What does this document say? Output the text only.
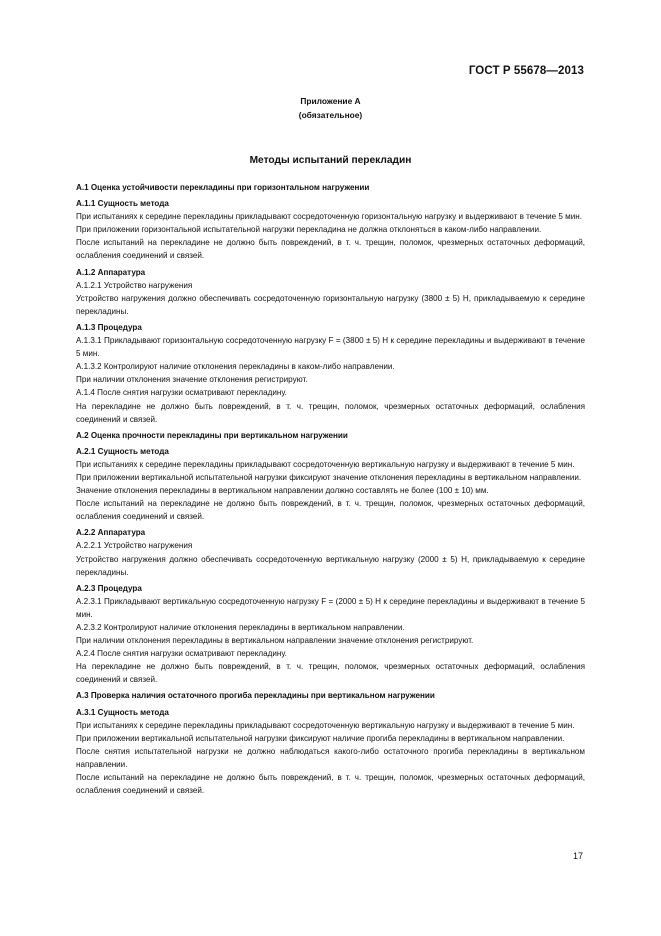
ГОСТ Р 55678—2013
Приложение А
(обязательное)
Методы испытаний перекладин

А.1 Оценка устойчивости перекладины при горизонтальном нагружении

А.1.1 Сущность метода

При испытаниях к середине перекладины прикладывают сосредоточенную горизонтальную нагрузку и выдерживают в течение 5 мин.

При приложении горизонтальной испытательной нагрузки перекладина не должна отклоняться в каком-либо направлении.

После испытаний на перекладине не должно быть повреждений, в т. ч. трещин, поломок, чрезмерных остаточных деформаций, ослабления соединений и связей.

А.1.2 Аппаратура

А.1.2.1 Устройство нагружения

Устройство нагружения должно обеспечивать сосредоточенную горизонтальную нагрузку (3800 ± 5) Н, прикладываемую к середине перекладины.

А.1.3 Процедура

А.1.3.1 Прикладывают горизонтальную сосредоточенную нагрузку F = (3800 ± 5) Н к середине перекладины и выдерживают в течение 5 мин.

А.1.3.2 Контролируют наличие отклонения перекладины в каком-либо направлении.

При наличии отклонения значение отклонения регистрируют.

А.1.4 После снятия нагрузки осматривают перекладину.

На перекладине не должно быть повреждений, в т. ч. трещин, поломок, чрезмерных остаточных деформаций, ослабления соединений и связей.

А.2 Оценка прочности перекладины при вертикальном нагружении

А.2.1 Сущность метода

При испытаниях к середине перекладины прикладывают сосредоточенную вертикальную нагрузку и выдерживают в течение 5 мин.

При приложении вертикальной испытательной нагрузки фиксируют значение отклонения перекладины в вертикальном направлении.

Значение отклонения перекладины в вертикальном направлении должно составлять не более (100 ± 10) мм.

После испытаний на перекладине не должно быть повреждений, в т. ч. трещин, поломок, чрезмерных остаточных деформаций, ослабления соединений и связей.

А.2.2 Аппаратура

А.2.2.1 Устройство нагружения

Устройство нагружения должно обеспечивать сосредоточенную вертикальную нагрузку (2000 ± 5) Н, прикладываемую к середине перекладины.

А.2.3 Процедура

А.2.3.1 Прикладывают вертикальную сосредоточенную нагрузку F = (2000 ± 5) Н к середине перекладины и выдерживают в течение 5 мин.

А.2.3.2 Контролируют наличие отклонения перекладины в вертикальном направлении.

При наличии отклонения перекладины в вертикальном направлении значение отклонения регистрируют.

А.2.4 После снятия нагрузки осматривают перекладину.

На перекладине не должно быть повреждений, в т. ч. трещин, поломок, чрезмерных остаточных деформаций, ослабления соединений и связей.

А.3 Проверка наличия остаточного прогиба перекладины при вертикальном нагружении

А.3.1 Сущность метода

При испытаниях к середине перекладины прикладывают сосредоточенную вертикальную нагрузку и выдерживают в течение 5 мин.

При приложении вертикальной испытательной нагрузки фиксируют наличие прогиба перекладины в вертикальном направлении.

После снятия испытательной нагрузки не должно наблюдаться какого-либо остаточного прогиба перекладины в вертикальном направлении.

После испытаний на перекладине не должно быть повреждений, в т. ч. трещин, поломок, чрезмерных остаточных деформаций, ослабления соединений и связей.

17
